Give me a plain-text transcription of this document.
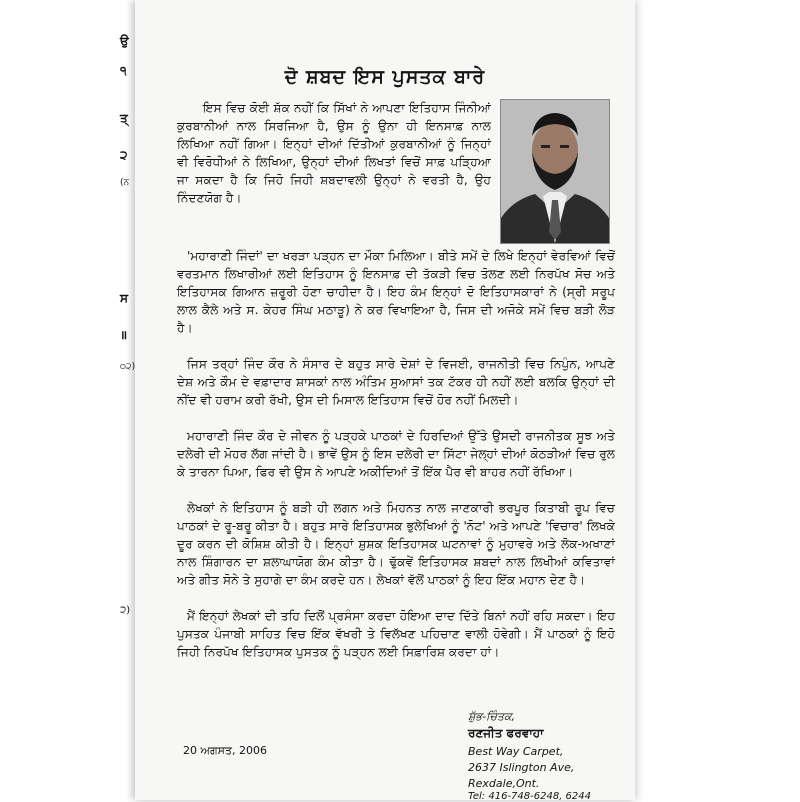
ਉ
੧
ਤ੍
੨
(ਨ
ਸ
॥
੦੨)
੨)
ਦੋ ਸ਼ਬਦ ਇਸ ਪੁਸਤਕ ਬਾਰੇ

ਇਸ ਵਿਚ ਕੋਈ ਸ਼ੱਕ ਨਹੀਂ ਕਿ ਸਿੱਖਾਂ ਨੇ ਆਪਣਾ ਇਤਿਹਾਸ ਜਿੰਨੀਆਂ ਕੁਰਬਾਨੀਆਂ ਨਾਲ ਸਿਰਜਿਆ ਹੈ, ਉਸ ਨੂੰ ਉਨਾ ਹੀ ਇਨਸਾਫ਼ ਨਾਲ ਲਿਖਿਆ ਨਹੀਂ ਗਿਆ। ਇਨ੍ਹਾਂ ਦੀਆਂ ਦਿੱਤੀਆਂ ਕੁਰਬਾਨੀਆਂ ਨੂੰ ਜਿਨ੍ਹਾਂ ਵੀ ਵਿਰੋਧੀਆਂ ਨੇ ਲਿਖਿਆ, ਉਨ੍ਹਾਂ ਦੀਆਂ ਲਿਖਤਾਂ ਵਿਚੋਂ ਸਾਫ਼ ਪੜ੍ਹਿਆ ਜਾ ਸਕਦਾ ਹੈ ਕਿ ਜਿਹੋ ਜਿਹੀ ਸ਼ਬਦਾਵਲੀ ਉਨ੍ਹਾਂ ਨੇ ਵਰਤੀ ਹੈ, ਉਹ ਨਿੰਦਣਯੋਗ ਹੈ।

'ਮਹਾਰਾਣੀ ਜਿੰਦਾਂ' ਦਾ ਖਰੜਾ ਪੜ੍ਹਨ ਦਾ ਮੌਕਾ ਮਿਲਿਆ। ਬੀਤੇ ਸਮੇਂ ਦੇ ਲਿਖੇ ਇਨ੍ਹਾਂ ਵੇਰਵਿਆਂ ਵਿਚੋਂ ਵਰਤਮਾਨ ਲਿਖਾਰੀਆਂ ਲਈ ਇਤਿਹਾਸ ਨੂੰ ਇਨਸਾਫ਼ ਦੀ ਤੱਕੜੀ ਵਿਚ ਤੋਲਣ ਲਈ ਨਿਰਪੱਖ ਸੋਚ ਅਤੇ ਇਤਿਹਾਸਕ ਗਿਆਨ ਜ਼ਰੂਰੀ ਹੋਣਾ ਚਾਹੀਦਾ ਹੈ। ਇਹ ਕੰਮ ਇਨ੍ਹਾਂ ਦੋ ਇਤਿਹਾਸਕਾਰਾਂ ਨੇ (ਸ੍ਰੀ ਸਰੂਪ ਲਾਲ ਕੈਲੇ ਅਤੇ ਸ. ਕੇਹਰ ਸਿੰਘ ਮਠਾੜੂ) ਨੇ ਕਰ ਵਿਖਾਇਆ ਹੈ, ਜਿਸ ਦੀ ਅਜੋਕੇ ਸਮੇਂ ਵਿਚ ਬੜੀ ਲੋੜ ਹੈ।

ਜਿਸ ਤਰ੍ਹਾਂ ਜਿੰਦ ਕੌਰ ਨੇ ਸੰਸਾਰ ਦੇ ਬਹੁਤ ਸਾਰੇ ਦੇਸ਼ਾਂ ਦੇ ਵਿਜਈ, ਰਾਜਨੀਤੀ ਵਿਚ ਨਿਪੁੰਨ, ਆਪਣੇ ਦੇਸ਼ ਅਤੇ ਕੌਮ ਦੇ ਵਫ਼ਾਦਾਰ ਸ਼ਾਸਕਾਂ ਨਾਲ ਅੰਤਿਮ ਸੁਆਸਾਂ ਤਕ ਟੱਕਰ ਹੀ ਨਹੀਂ ਲਈ ਬਲਕਿ ਉਨ੍ਹਾਂ ਦੀ ਨੀਂਦ ਵੀ ਹਰਾਮ ਕਰੀ ਰੱਖੀ, ਉਸ ਦੀ ਮਿਸਾਲ ਇਤਿਹਾਸ ਵਿਚੋਂ ਹੋਰ ਨਹੀਂ ਮਿਲਦੀ।

ਮਹਾਰਾਣੀ ਜਿੰਦ ਕੌਰ ਦੇ ਜੀਵਨ ਨੂੰ ਪੜ੍ਹਕੇ ਪਾਠਕਾਂ ਦੇ ਹਿਰਦਿਆਂ ਉੱਤੇ ਉਸਦੀ ਰਾਜਨੀਤਕ ਸੂਝ ਅਤੇ ਦਲੇਰੀ ਦੀ ਮੋਹਰ ਲੱਗ ਜਾਂਦੀ ਹੈ। ਭਾਵੇਂ ਉਸ ਨੂੰ ਇਸ ਦਲੇਰੀ ਦਾ ਸਿੱਟਾ ਜੇਲ੍ਹਾਂ ਦੀਆਂ ਕੋਠੜੀਆਂ ਵਿਚ ਰੁਲ ਕੇ ਤਾਰਨਾ ਪਿਆ, ਫਿਰ ਵੀ ਉਸ ਨੇ ਆਪਣੇ ਅਕੀਦਿਆਂ ਤੋਂ ਇੱਕ ਪੈਰ ਵੀ ਬਾਹਰ ਨਹੀਂ ਰੱਖਿਆ।

ਲੇਖਕਾਂ ਨੇ ਇਤਿਹਾਸ ਨੂੰ ਬੜੀ ਹੀ ਲਗਨ ਅਤੇ ਮਿਹਨਤ ਨਾਲ ਜਾਣਕਾਰੀ ਭਰਪੂਰ ਕਿਤਾਬੀ ਰੂਪ ਵਿਚ ਪਾਠਕਾਂ ਦੇ ਰੂ-ਬਰੂ ਕੀਤਾ ਹੈ। ਬਹੁਤ ਸਾਰੇ ਇਤਿਹਾਸਕ ਭੁਲੇਖਿਆਂ ਨੂੰ 'ਨੋਟ' ਅਤੇ ਆਪਣੇ 'ਵਿਚਾਰ' ਲਿਖਕੇ ਦੂਰ ਕਰਨ ਦੀ ਕੋਸ਼ਿਸ਼ ਕੀਤੀ ਹੈ। ਇਨ੍ਹਾਂ ਸ਼ੁਸ਼ਕ ਇਤਿਹਾਸਕ ਘਟਨਾਵਾਂ ਨੂੰ ਮੁਹਾਵਰੇ ਅਤੇ ਲੋਕ-ਅਖਾਣਾਂ ਨਾਲ ਸ਼ਿੰਗਾਰਨ ਦਾ ਸ਼ਲਾਘਾਯੋਗ ਕੰਮ ਕੀਤਾ ਹੈ। ਢੁੱਕਵੇਂ ਇਤਿਹਾਸਕ ਸ਼ਬਦਾਂ ਨਾਲ ਲਿਖੀਆਂ ਕਵਿਤਾਵਾਂ ਅਤੇ ਗੀਤ ਸੋਨੇ ਤੇ ਸੁਹਾਗੇ ਦਾ ਕੰਮ ਕਰਦੇ ਹਨ। ਲੇਖਕਾਂ ਵੱਲੋਂ ਪਾਠਕਾਂ ਨੂੰ ਇਹ ਇੱਕ ਮਹਾਨ ਦੇਣ ਹੈ।

ਮੈਂ ਇਨ੍ਹਾਂ ਲੇਖਕਾਂ ਦੀ ਤਹਿ ਦਿਲੋਂ ਪ੍ਰਸੰਸਾ ਕਰਦਾ ਹੋਇਆ ਦਾਦ ਦਿੱਤੇ ਬਿਨਾਂ ਨਹੀਂ ਰਹਿ ਸਕਦਾ। ਇਹ ਪੁਸਤਕ ਪੰਜਾਬੀ ਸਾਹਿਤ ਵਿਚ ਇੱਕ ਵੱਖਰੀ ਤੇ ਵਿਲੱਖਣ ਪਹਿਚਾਣ ਵਾਲੀ ਹੋਵੇਗੀ। ਮੈਂ ਪਾਠਕਾਂ ਨੂੰ ਇਹੋ ਜਿਹੀ ਨਿਰਪੱਖ ਇਤਿਹਾਸਕ ਪੁਸਤਕ ਨੂੰ ਪੜ੍ਹਨ ਲਈ ਸਿਫ਼ਾਰਿਸ਼ ਕਰਦਾ ਹਾਂ।

ਸ਼ੁੱਭ-ਚਿੰਤਕ,
ਰਣਜੀਤ ਫਰਵਾਹਾ
Best Way Carpet,
2637 Islington Ave,
Rexdale,Ont.
Tel: 416-748-6248, 6244
20 ਅਗਸਤ, 2006
